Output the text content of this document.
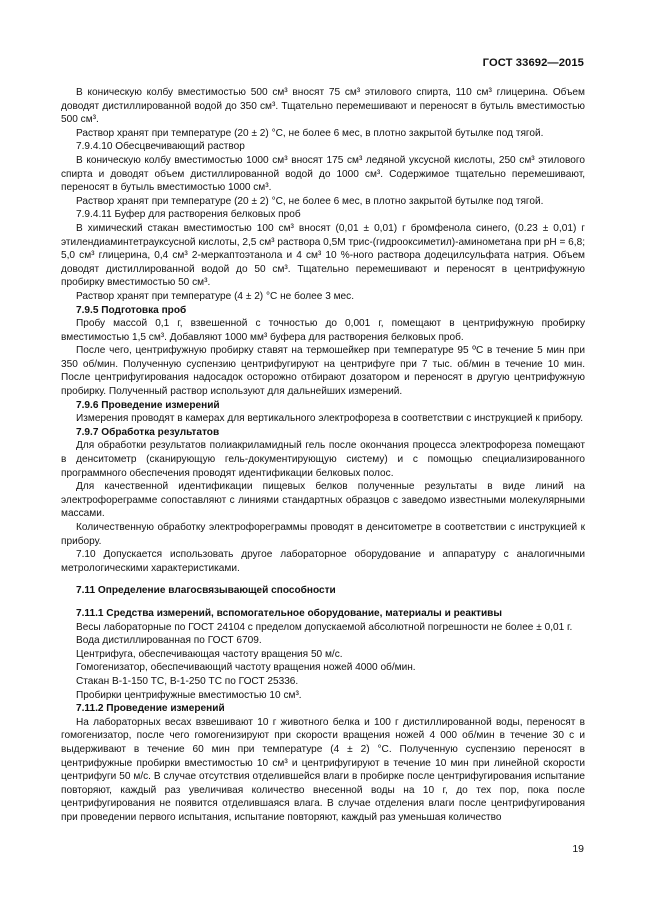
ГОСТ 33692—2015

В коническую колбу вместимостью 500 см³ вносят 75 см³ этилового спирта, 110 см³ глицерина. Объем доводят дистиллированной водой до 350 см³. Тщательно перемешивают и переносят в бутыль вместимостью 500 см³.

Раствор хранят при температуре (20 ± 2) °С, не более 6 мес, в плотно закрытой бутылке под тягой.

7.9.4.10 Обесцвечивающий раствор

В коническую колбу вместимостью 1000 см³ вносят 175 см³ ледяной уксусной кислоты, 250 см³ этилового спирта и доводят объем дистиллированной водой до 1000 см³. Содержимое тщательно перемешивают, переносят в бутыль вместимостью 1000 см³.

Раствор хранят при температуре (20 ± 2) °С, не более 6 мес, в плотно закрытой бутылке под тягой.

7.9.4.11 Буфер для растворения белковых проб

В химический стакан вместимостью 100 см³ вносят (0,01 ± 0,01) г бромфенола синего, (0.23 ± 0,01) г этилендиаминтетрауксусной кислоты, 2,5 см³ раствора 0,5М трис-(гидрооксиметил)-аминометана при pH = 6,8; 5,0 см³ глицерина, 0,4 см³ 2-меркаптоэтанола и 4 см³ 10 %-ного раствора додецилсульфата натрия. Объем доводят дистиллированной водой до 50 см³. Тщательно перемешивают и переносят в центрифужную пробирку вместимостью 50 см³.

Раствор хранят при температуре (4 ± 2) °С не более 3 мес.

7.9.5 Подготовка проб

Пробу массой 0,1 г, взвешенной с точностью до 0,001 г, помещают в центрифужную пробирку вместимостью 1,5 см³. Добавляют 1000 мм³ буфера для растворения белковых проб.

После чего, центрифужную пробирку ставят на термошейкер при температуре 95 ºС в течение 5 мин при 350 об/мин. Полученную суспензию центрифугируют на центрифуге при 7 тыс. об/мин в течение 10 мин. После центрифугирования надосадок осторожно отбирают дозатором и переносят в другую центрифужную пробирку. Полученный раствор используют для дальнейших измерений.

7.9.6 Проведение измерений

Измерения проводят в камерах для вертикального электрофореза в соответствии с инструкцией к прибору.

7.9.7 Обработка результатов

Для обработки результатов полиакриламидный гель после окончания процесса электрофореза помещают в денситометр (сканирующую гель-документирующую систему) и с помощью специализированного программного обеспечения проводят идентификации белковых полос.

Для качественной идентификации пищевых белков полученные результаты в виде линий на электрофореграмме сопоставляют с линиями стандартных образцов с заведомо известными молекулярными массами.

Количественную обработку электрофореграммы проводят в денситометре в соответствии с инструкцией к прибору.

7.10 Допускается использовать другое лабораторное оборудование и аппаратуру с аналогичными метрологическими характеристиками.

7.11 Определение влагосвязывающей способности

7.11.1 Средства измерений, вспомогательное оборудование, материалы и реактивы

Весы лабораторные по ГОСТ 24104 с пределом допускаемой абсолютной погрешности не более ± 0,01 г.

Вода дистиллированная по ГОСТ 6709.

Центрифуга, обеспечивающая частоту вращения 50 м/с.

Гомогенизатор, обеспечивающий частоту вращения ножей 4000 об/мин.

Стакан В-1-150 ТС, В-1-250 ТС по ГОСТ 25336.

Пробирки центрифужные вместимостью 10 см³.

7.11.2 Проведение измерений

На лабораторных весах взвешивают 10 г животного белка и 100 г дистиллированной воды, переносят в гомогенизатор, после чего гомогенизируют при скорости вращения ножей 4 000 об/мин в течение 30 с и выдерживают в течение 60 мин при температуре (4 ± 2) °С. Полученную суспензию переносят в центрифужные пробирки вместимостью 10 см³ и центрифугируют в течение 10 мин при линейной скорости центрифуги 50 м/с. В случае отсутствия отделившейся влаги в пробирке после центрифугирования испытание повторяют, каждый раз увеличивая количество внесенной воды на 10 г, до тех пор, пока после центрифугирования не появится отделившаяся влага. В случае отделения влаги после центрифугирования при проведении первого испытания, испытание повторяют, каждый раз уменьшая количество

19
